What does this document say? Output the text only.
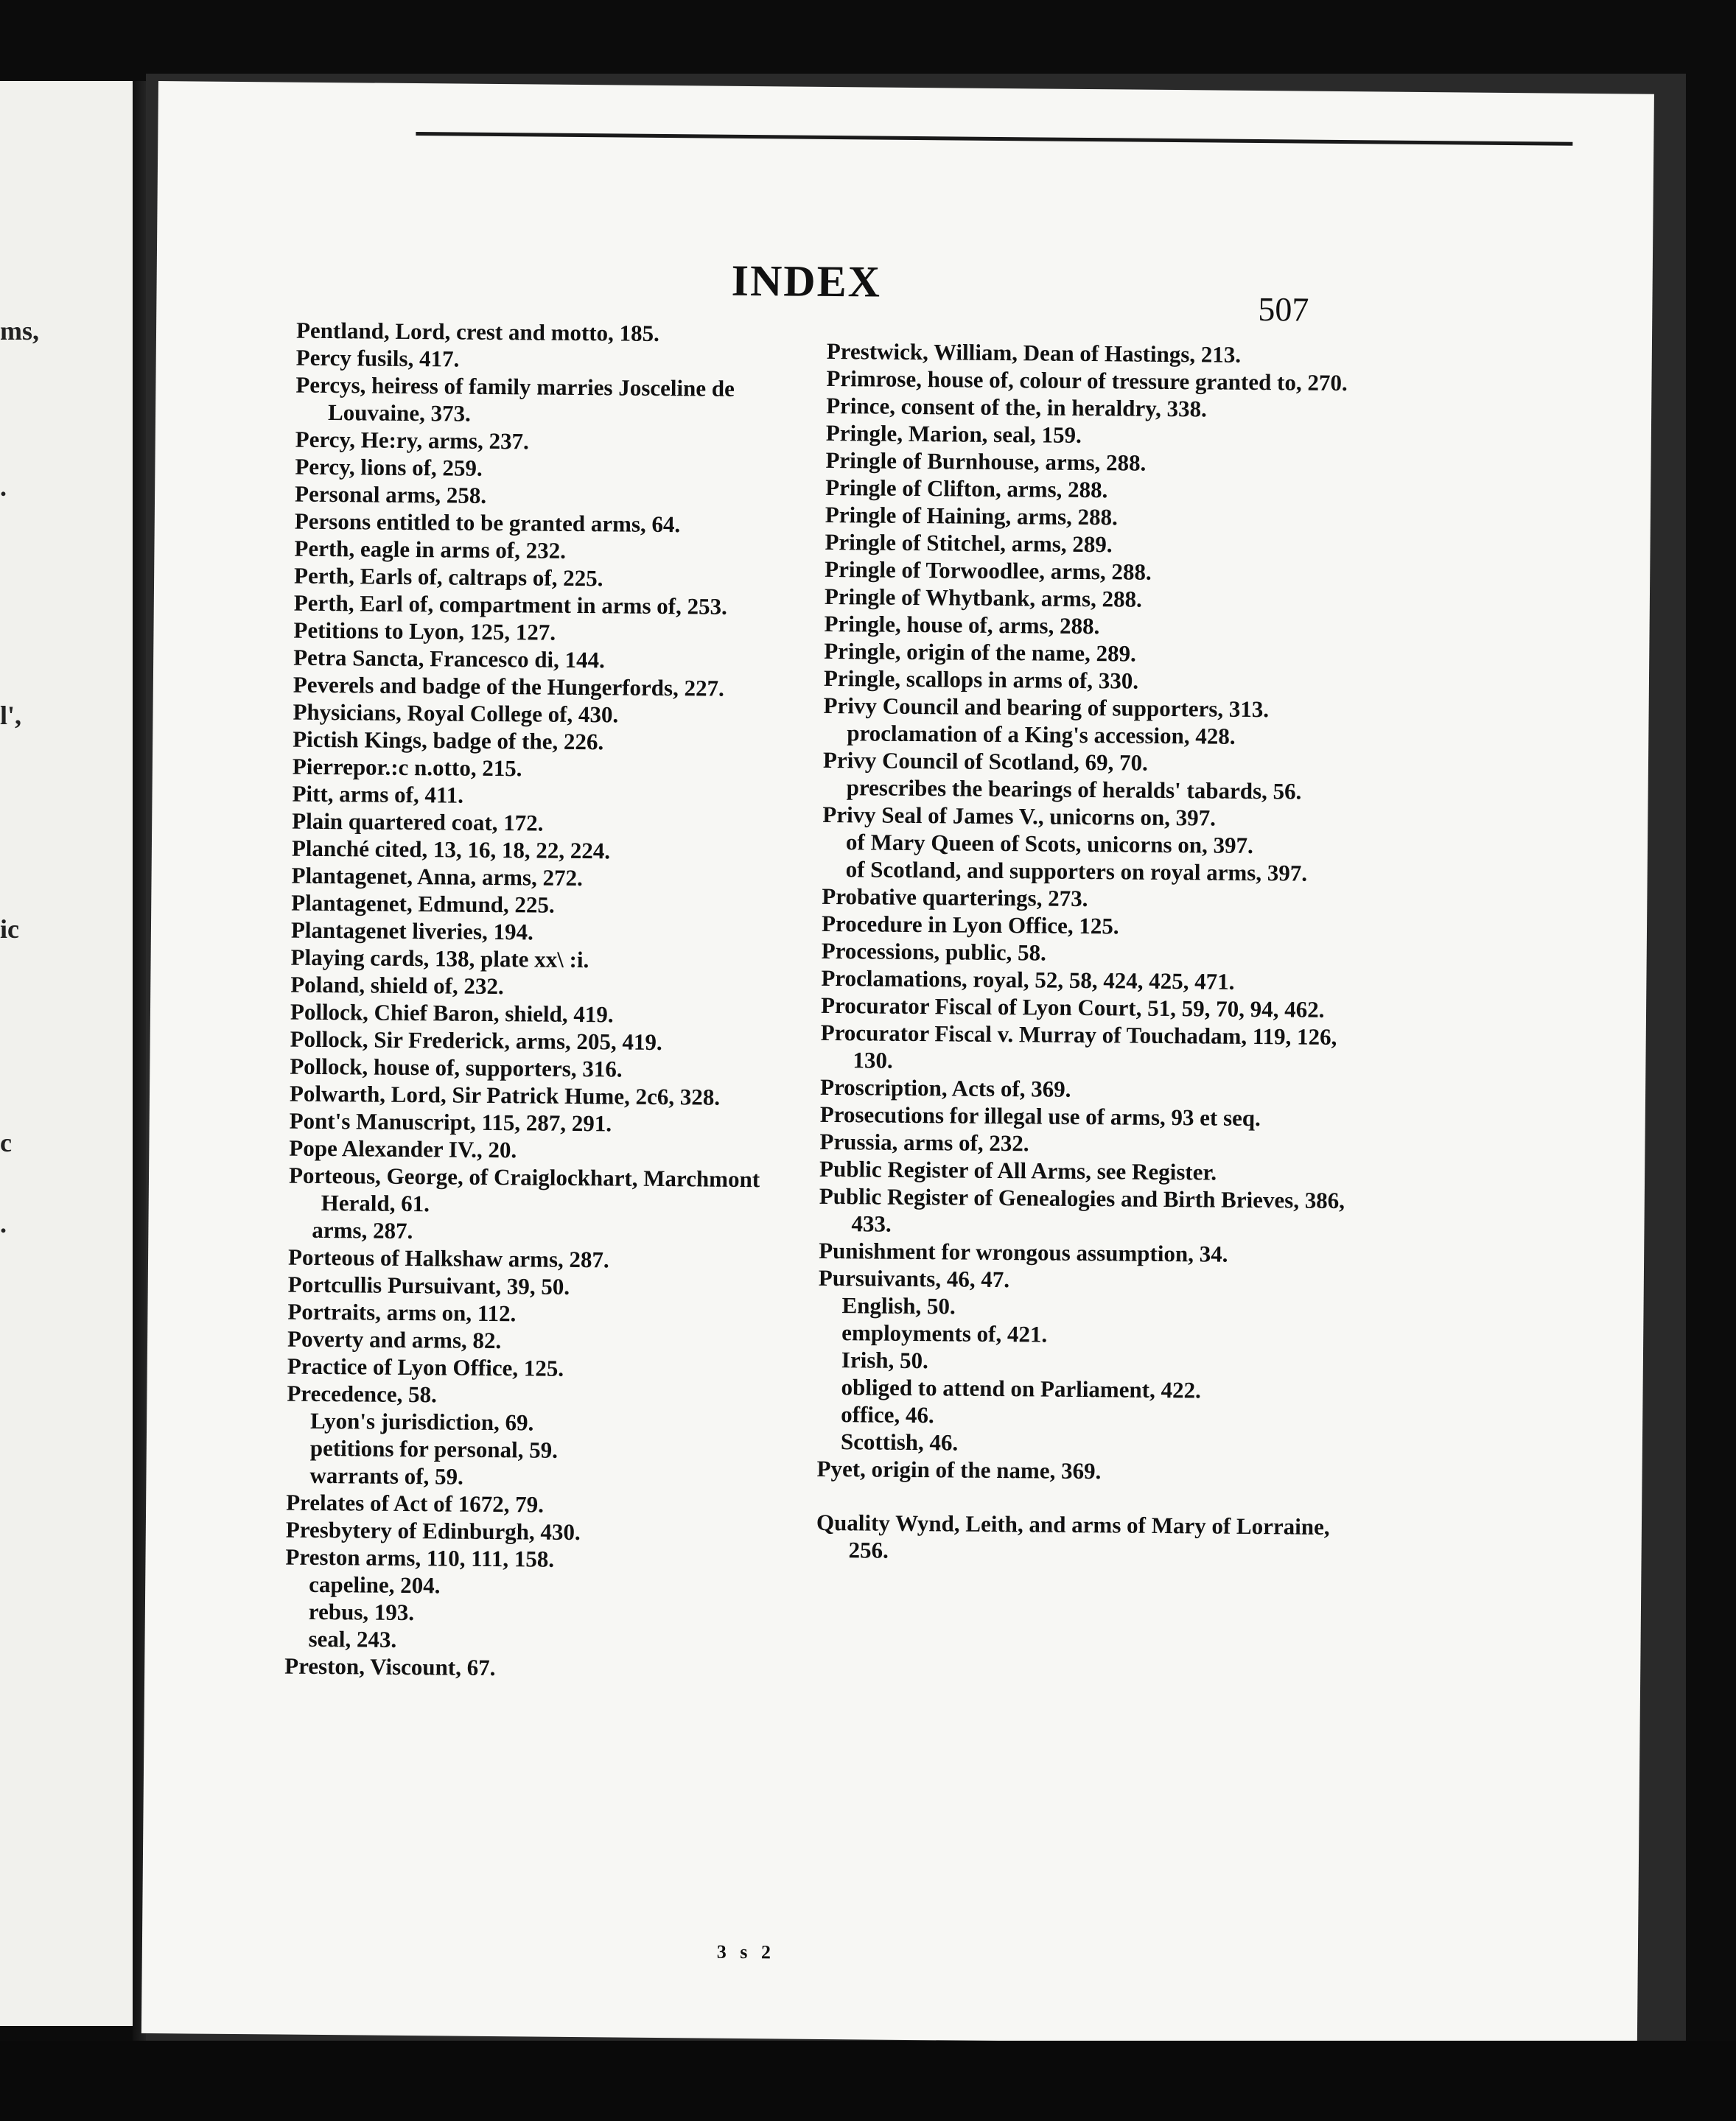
ms,
.
l',
ic
c
.
INDEX
507
Pentland, Lord, crest and motto, 185.
Percy fusils, 417.
Percys, heiress of family marries Josceline de Louvaine, 373.
Percy, He:ry, arms, 237.
Percy, lions of, 259.
Personal arms, 258.
Persons entitled to be granted arms, 64.
Perth, eagle in arms of, 232.
Perth, Earls of, caltraps of, 225.
Perth, Earl of, compartment in arms of, 253.
Petitions to Lyon, 125, 127.
Petra Sancta, Francesco di, 144.
Peverels and badge of the Hungerfords, 227.
Physicians, Royal College of, 430.
Pictish Kings, badge of the, 226.
Pierrepor.:c n.otto, 215.
Pitt, arms of, 411.
Plain quartered coat, 172.
Planché cited, 13, 16, 18, 22, 224.
Plantagenet, Anna, arms, 272.
Plantagenet, Edmund, 225.
Plantagenet liveries, 194.
Playing cards, 138, plate xx\ :i.
Poland, shield of, 232.
Pollock, Chief Baron, shield, 419.
Pollock, Sir Frederick, arms, 205, 419.
Pollock, house of, supporters, 316.
Polwarth, Lord, Sir Patrick Hume, 2c6, 328.
Pont's Manuscript, 115, 287, 291.
Pope Alexander IV., 20.
Porteous, George, of Craiglockhart, Marchmont Herald, 61.
arms, 287.
Porteous of Halkshaw arms, 287.
Portcullis Pursuivant, 39, 50.
Portraits, arms on, 112.
Poverty and arms, 82.
Practice of Lyon Office, 125.
Precedence, 58.
Lyon's jurisdiction, 69.
petitions for personal, 59.
warrants of, 59.
Prelates of Act of 1672, 79.
Presbytery of Edinburgh, 430.
Preston arms, 110, 111, 158.
capeline, 204.
rebus, 193.
seal, 243.
Preston, Viscount, 67.
Prestwick, William, Dean of Hastings, 213.
Primrose, house of, colour of tressure granted to, 270.
Prince, consent of the, in heraldry, 338.
Pringle, Marion, seal, 159.
Pringle of Burnhouse, arms, 288.
Pringle of Clifton, arms, 288.
Pringle of Haining, arms, 288.
Pringle of Stitchel, arms, 289.
Pringle of Torwoodlee, arms, 288.
Pringle of Whytbank, arms, 288.
Pringle, house of, arms, 288.
Pringle, origin of the name, 289.
Pringle, scallops in arms of, 330.
Privy Council and bearing of supporters, 313.
proclamation of a King's accession, 428.
Privy Council of Scotland, 69, 70.
prescribes the bearings of heralds' tabards, 56.
Privy Seal of James V., unicorns on, 397.
of Mary Queen of Scots, unicorns on, 397.
of Scotland, and supporters on royal arms, 397.
Probative quarterings, 273.
Procedure in Lyon Office, 125.
Processions, public, 58.
Proclamations, royal, 52, 58, 424, 425, 471.
Procurator Fiscal of Lyon Court, 51, 59, 70, 94, 462.
Procurator Fiscal v. Murray of Touchadam, 119, 126, 130.
Proscription, Acts of, 369.
Prosecutions for illegal use of arms, 93 et seq.
Prussia, arms of, 232.
Public Register of All Arms, see Register.
Public Register of Genealogies and Birth Brieves, 386, 433.
Punishment for wrongous assumption, 34.
Pursuivants, 46, 47.
English, 50.
employments of, 421.
Irish, 50.
obliged to attend on Parliament, 422.
office, 46.
Scottish, 46.
Pyet, origin of the name, 369.
Quality Wynd, Leith, and arms of Mary of Lorraine, 256.
3 s 2
